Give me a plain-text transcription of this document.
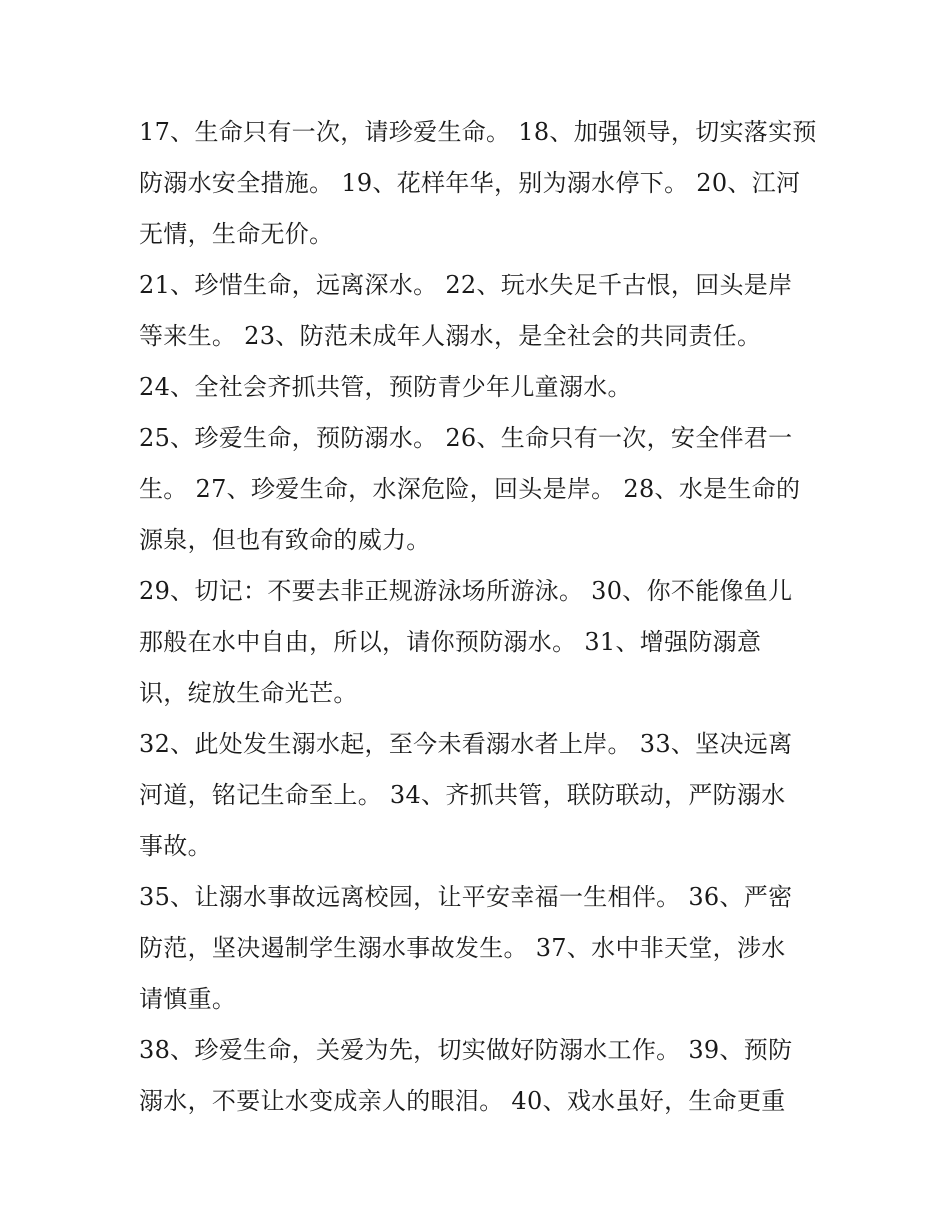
17、生命只有一次，请珍爱生命。 18、加强领导，切实落实预
防溺水安全措施。 19、花样年华，别为溺水停下。 20、江河
无情，生命无价。
21、珍惜生命，远离深水。 22、玩水失足千古恨，回头是岸
等来生。 23、防范未成年人溺水，是全社会的共同责任。
24、全社会齐抓共管，预防青少年儿童溺水。
25、珍爱生命，预防溺水。 26、生命只有一次，安全伴君一
生。 27、珍爱生命，水深危险，回头是岸。 28、水是生命的
源泉，但也有致命的威力。
29、切记：不要去非正规游泳场所游泳。 30、你不能像鱼儿
那般在水中自由，所以，请你预防溺水。 31、增强防溺意
识，绽放生命光芒。
32、此处发生溺水起，至今未看溺水者上岸。 33、坚决远离
河道，铭记生命至上。 34、齐抓共管，联防联动，严防溺水
事故。
35、让溺水事故远离校园，让平安幸福一生相伴。 36、严密
防范，坚决遏制学生溺水事故发生。 37、水中非天堂，涉水
请慎重。
38、珍爱生命，关爱为先，切实做好防溺水工作。 39、预防
溺水，不要让水变成亲人的眼泪。 40、戏水虽好，生命更重
